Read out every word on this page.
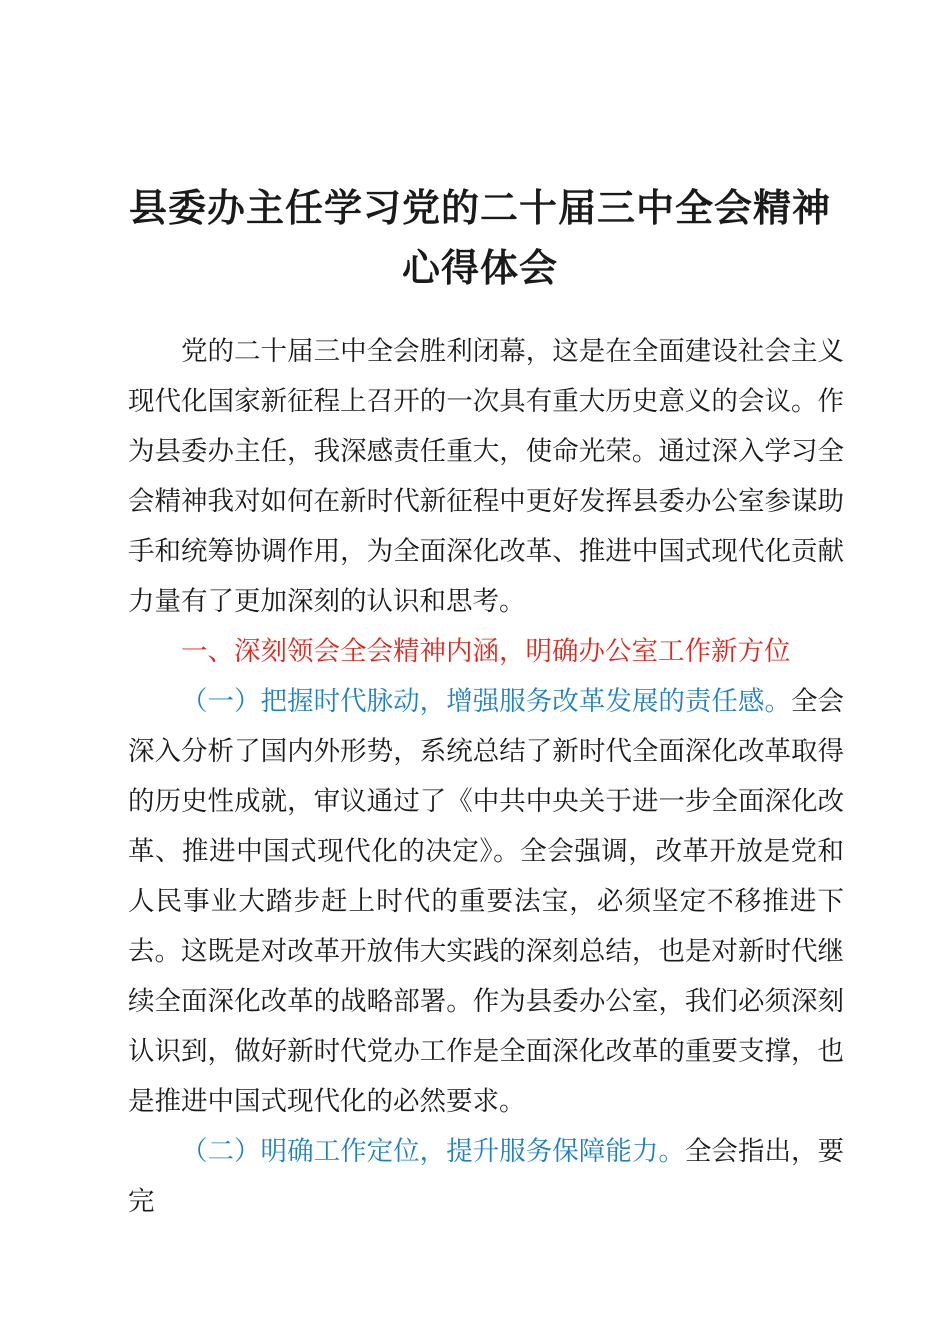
县委办主任学习党的二十届三中全会精神心得体会

党的二十届三中全会胜利闭幕，这是在全面建设社会主义现代化国家新征程上召开的一次具有重大历史意义的会议。作为县委办主任，我深感责任重大，使命光荣。通过深入学习全会精神我对如何在新时代新征程中更好发挥县委办公室参谋助手和统筹协调作用，为全面深化改革、推进中国式现代化贡献力量有了更加深刻的认识和思考。

一、深刻领会全会精神内涵，明确办公室工作新方位

（一）把握时代脉动，增强服务改革发展的责任感。全会深入分析了国内外形势，系统总结了新时代全面深化改革取得的历史性成就，审议通过了《中共中央关于进一步全面深化改革、推进中国式现代化的决定》。全会强调，改革开放是党和人民事业大踏步赶上时代的重要法宝，必须坚定不移推进下去。这既是对改革开放伟大实践的深刻总结，也是对新时代继续全面深化改革的战略部署。作为县委办公室，我们必须深刻认识到，做好新时代党办工作是全面深化改革的重要支撑，也是推进中国式现代化的必然要求。

（二）明确工作定位，提升服务保障能力。全会指出，要完
